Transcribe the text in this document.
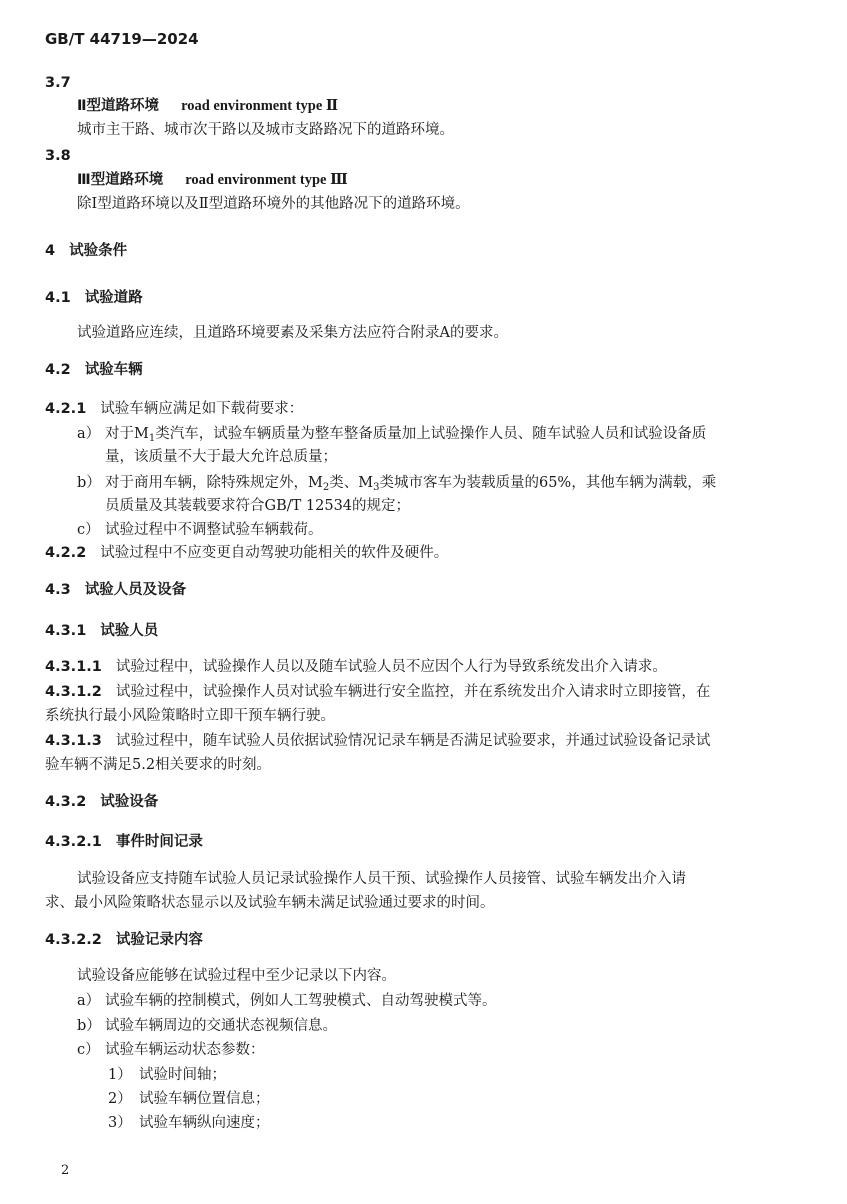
GB/T 44719—2024
3.7
Ⅱ型道路环境 road environment type Ⅱ
城市主干路、城市次干路以及城市支路路况下的道路环境。
3.8
Ⅲ型道路环境 road environment type Ⅲ
除Ⅰ型道路环境以及Ⅱ型道路环境外的其他路况下的道路环境。
4 试验条件
4.1 试验道路
试验道路应连续，且道路环境要素及采集方法应符合附录A的要求。
4.2 试验车辆
4.2.1 试验车辆应满足如下载荷要求：
a） 对于$M_1$类汽车，试验车辆质量为整车整备质量加上试验操作人员、随车试验人员和试验设备质
量，该质量不大于最大允许总质量；
b） 对于商用车辆，除特殊规定外，$M_2$类、$M_3$类城市客车为装载质量的65%，其他车辆为满载，乘
员质量及其装载要求符合GB/T 12534的规定；
c） 试验过程中不调整试验车辆载荷。
4.2.2 试验过程中不应变更自动驾驶功能相关的软件及硬件。
4.3 试验人员及设备
4.3.1 试验人员
4.3.1.1 试验过程中，试验操作人员以及随车试验人员不应因个人行为导致系统发出介入请求。
4.3.1.2 试验过程中，试验操作人员对试验车辆进行安全监控，并在系统发出介入请求时立即接管，在
系统执行最小风险策略时立即干预车辆行驶。
4.3.1.3 试验过程中，随车试验人员依据试验情况记录车辆是否满足试验要求，并通过试验设备记录试
验车辆不满足5.2相关要求的时刻。
4.3.2 试验设备
4.3.2.1 事件时间记录
试验设备应支持随车试验人员记录试验操作人员干预、试验操作人员接管、试验车辆发出介入请
求、最小风险策略状态显示以及试验车辆未满足试验通过要求的时间。
4.3.2.2 试验记录内容
试验设备应能够在试验过程中至少记录以下内容。
a） 试验车辆的控制模式，例如人工驾驶模式、自动驾驶模式等。
b） 试验车辆周边的交通状态视频信息。
c） 试验车辆运动状态参数：
1） 试验时间轴；
2） 试验车辆位置信息；
3） 试验车辆纵向速度；
2
